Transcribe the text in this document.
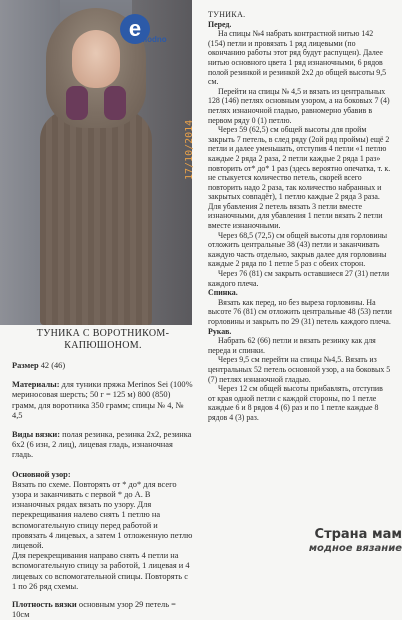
17/10/2014
e
modno
ТУНИКА С ВОРОТНИКОМ-КАПЮШОНОМ.

Размер 42 (46)

Материалы: для туники пряжа Merinos Sei (100% мериносовая шерсть; 50 г = 125 м) 800 (850) грамм, для воротника 350 грамм; спицы № 4, № 4,5

Виды вязки: полая резинка, резинка 2х2, резинка 6х2 (6 изн, 2 лиц), лицевая гладь, изнаночная гладь.

Основной узор:
Вязать по схеме. Повторять от * до* для всего узора и заканчивать с первой * до А. В изнаночных рядах вязать по узору. Для перекрещивания налево снять 1 петлю на вспомогательную спицу перед работой и провязать 4 лицевых, а затем 1 отложенную петлю лицевой.

Для перекрещивания направо снять 4 петли на вспомогательную спицу за работой, 1 лицевая и 4 лицевых со вспомогательной спицы. Повторять с 1 по 26 ряд схемы.

Плотность вязки основным узор 29 петель = 10см

ТУНИКА.

Перед.

На спицы №4 набрать контрастной нитью 142 (154) петли и провязать 1 ряд лицевыми (по окончанию работы этот ряд будут распущен). Далее нитью основного цвета 1 ряд изнаночными, 6 рядов полой резинкой и резинкой 2х2 до общей высоты 9,5 см.

Перейти на спицы № 4,5 и вязать из центральных 128 (146) петлях основным узором, а на боковых 7 (4) петлях изнаночной гладью, равномерно убавив в первом ряду 0 (1) петлю.

Через 59 (62,5) см общей высоты для пройм закрыть 7 петель, в след ряду (2ой ряд проймы) ещё 2 петли и далее уменьшать, отступив 4 петли «1 петлю каждые 2 ряда 2 раза, 2 петли каждые 2 ряда 1 раз» повторить от* до* 1 раз (здесь вероятно опечатка, т. к. не стыкуется количество петель, скорей всего повторить надо 2 раза, так количество набранных и закрытых совпадёт), 1 петлю каждые 2 ряда 3 раза. Для убавления 2 петель вязать 3 петли вместе изнаночными, для убавления 1 петли вязать 2 петли вместе изнаночными.

Через 68,5 (72,5) см общей высоты для горловины отложить центральные 38 (43) петли и заканчивать каждую часть отдельно, закрыв далее для горловины каждые 2 ряда по 1 петле 5 раз с обеих сторон.

Через 76 (81) см закрыть оставшиеся 27 (31) петли каждого плеча.

Спинка.

Вязать как перед, но без выреза горловины. На высоте 76 (81) см отложить центральные 48 (53) петли горловины и закрыть по 29 (31) петель каждого плеча.

Рукав.

Набрать 62 (66) петли и вязать резинку как для переда и спинки.

Через 9,5 см перейти на спицы №4,5. Вязать из центральных 52 петель основной узор, а на боковых 5 (7) петлях изнаночной гладью.

Через 12 см общей высоты прибавлять, отступив от края одной петли с каждой стороны, по 1 петле каждые 6 и 8 рядов 4 (6) раз и по 1 петле каждые 8 рядов 4 (3) раз.

Страна мам
модное вязание
